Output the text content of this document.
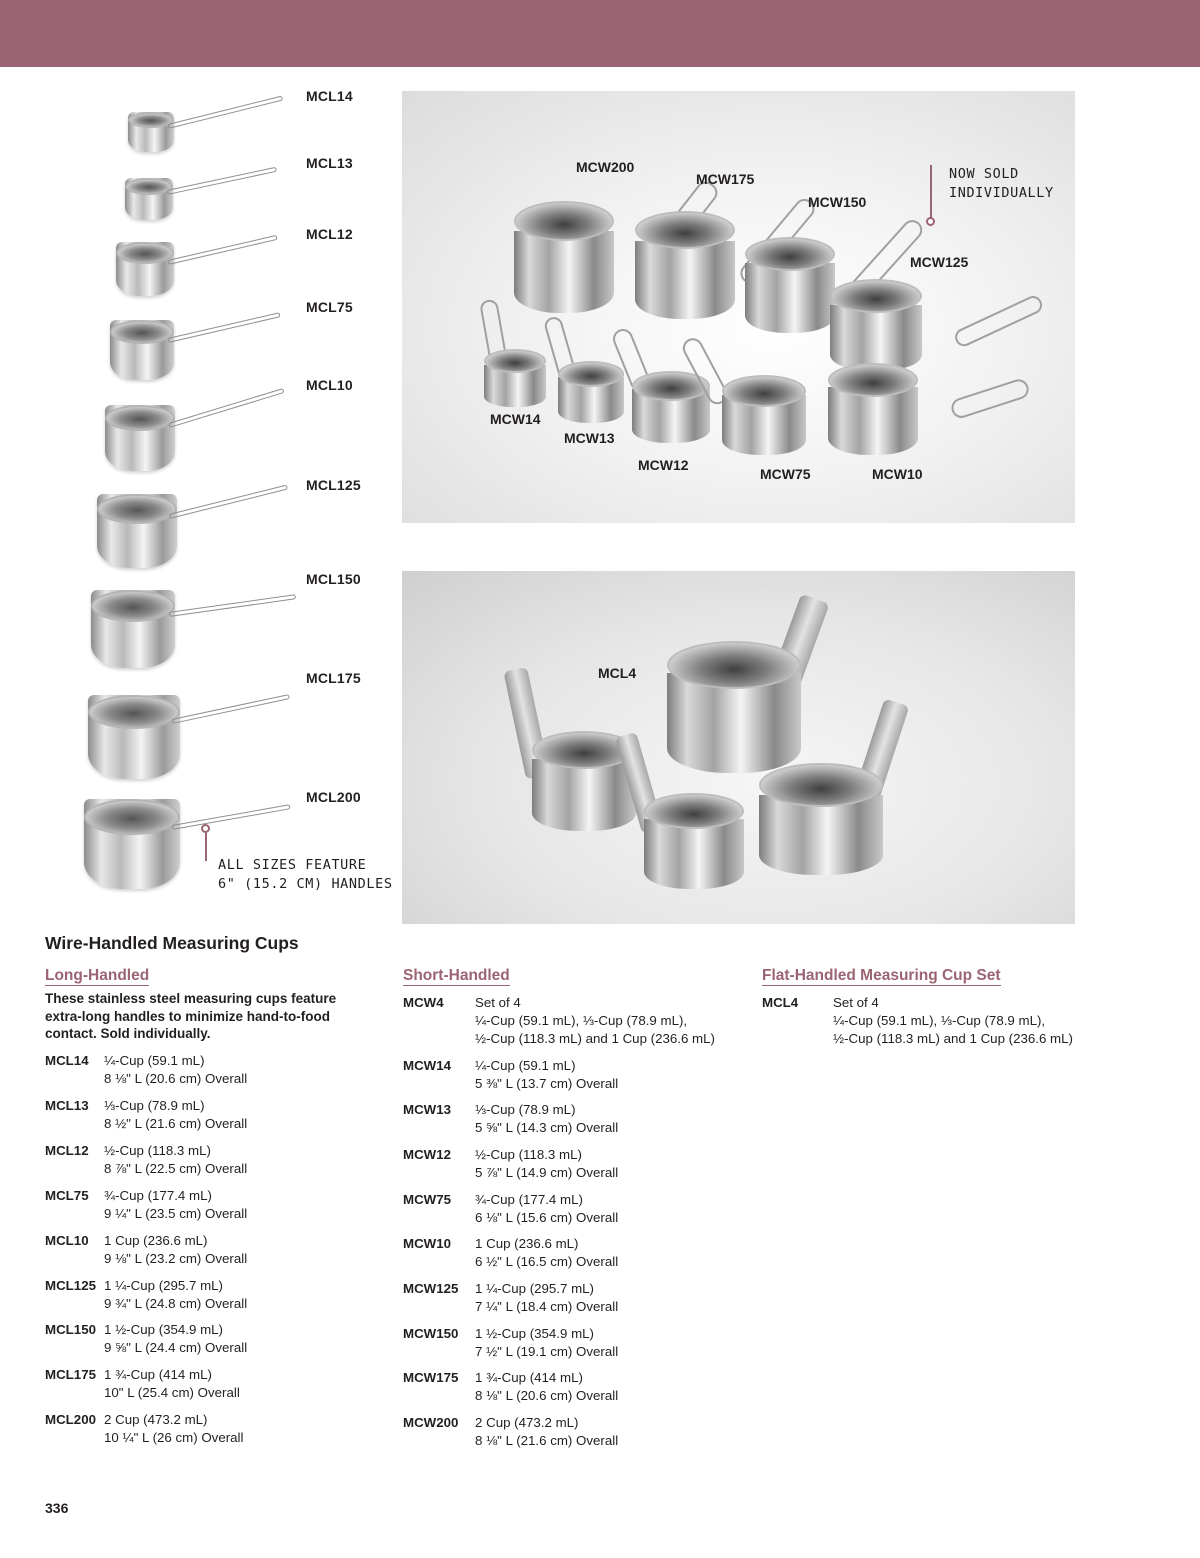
MCL14
MCL13
MCL12
MCL75
MCL10
MCL125
MCL150
MCL175
MCL200
ALL SIZES FEATURE
6" (15.2 CM) HANDLES
MCW200
MCW175
MCW150
MCW125
MCW14
MCW13
MCW12
MCW75	MCW10
NOW SOLD
INDIVIDUALLY
MCL4
Wire-Handled Measuring Cups
Long-Handled
These stainless steel measuring cups feature extra-long handles to minimize hand-to-food contact. Sold individually.
MCL14 ¼-Cup (59.1 mL)
8 ⅛" L (20.6 cm) Overall
MCL13 ⅓-Cup (78.9 mL)
8 ½" L (21.6 cm) Overall
MCL12 ½-Cup (118.3 mL)
8 ⅞" L (22.5 cm) Overall
MCL75 ¾-Cup (177.4 mL)
9 ¼" L (23.5 cm) Overall
MCL10 1 Cup (236.6 mL)
9 ⅛" L (23.2 cm) Overall
MCL125 1 ¼-Cup (295.7 mL)
9 ¾" L (24.8 cm) Overall
MCL150 1 ½-Cup (354.9 mL)
9 ⅝" L (24.4 cm) Overall
MCL175 1 ¾-Cup (414 mL)
10" L (25.4 cm) Overall
MCL200 2 Cup (473.2 mL)
10 ¼" L (26 cm) Overall
Short-Handled
MCW4 Set of 4
¼-Cup (59.1 mL), ⅓-Cup (78.9 mL),
½-Cup (118.3 mL) and 1 Cup (236.6 mL)
MCW14 ¼-Cup (59.1 mL)
5 ⅜" L (13.7 cm) Overall
MCW13 ⅓-Cup (78.9 mL)
5 ⅝" L (14.3 cm) Overall
MCW12 ½-Cup (118.3 mL)
5 ⅞" L (14.9 cm) Overall
MCW75 ¾-Cup (177.4 mL)
6 ⅛" L (15.6 cm) Overall
MCW10 1 Cup (236.6 mL)
6 ½" L (16.5 cm) Overall
MCW125 1 ¼-Cup (295.7 mL)
7 ¼" L (18.4 cm) Overall
MCW150 1 ½-Cup (354.9 mL)
7 ½" L (19.1 cm) Overall
MCW175 1 ¾-Cup (414 mL)
8 ⅛" L (20.6 cm) Overall
MCW200 2 Cup (473.2 mL)
8 ⅛" L (21.6 cm) Overall
Flat-Handled Measuring Cup Set
MCL4	Set of 4
¼-Cup (59.1 mL), ⅓-Cup (78.9 mL),
½-Cup (118.3 mL) and 1 Cup (236.6 mL)
336
